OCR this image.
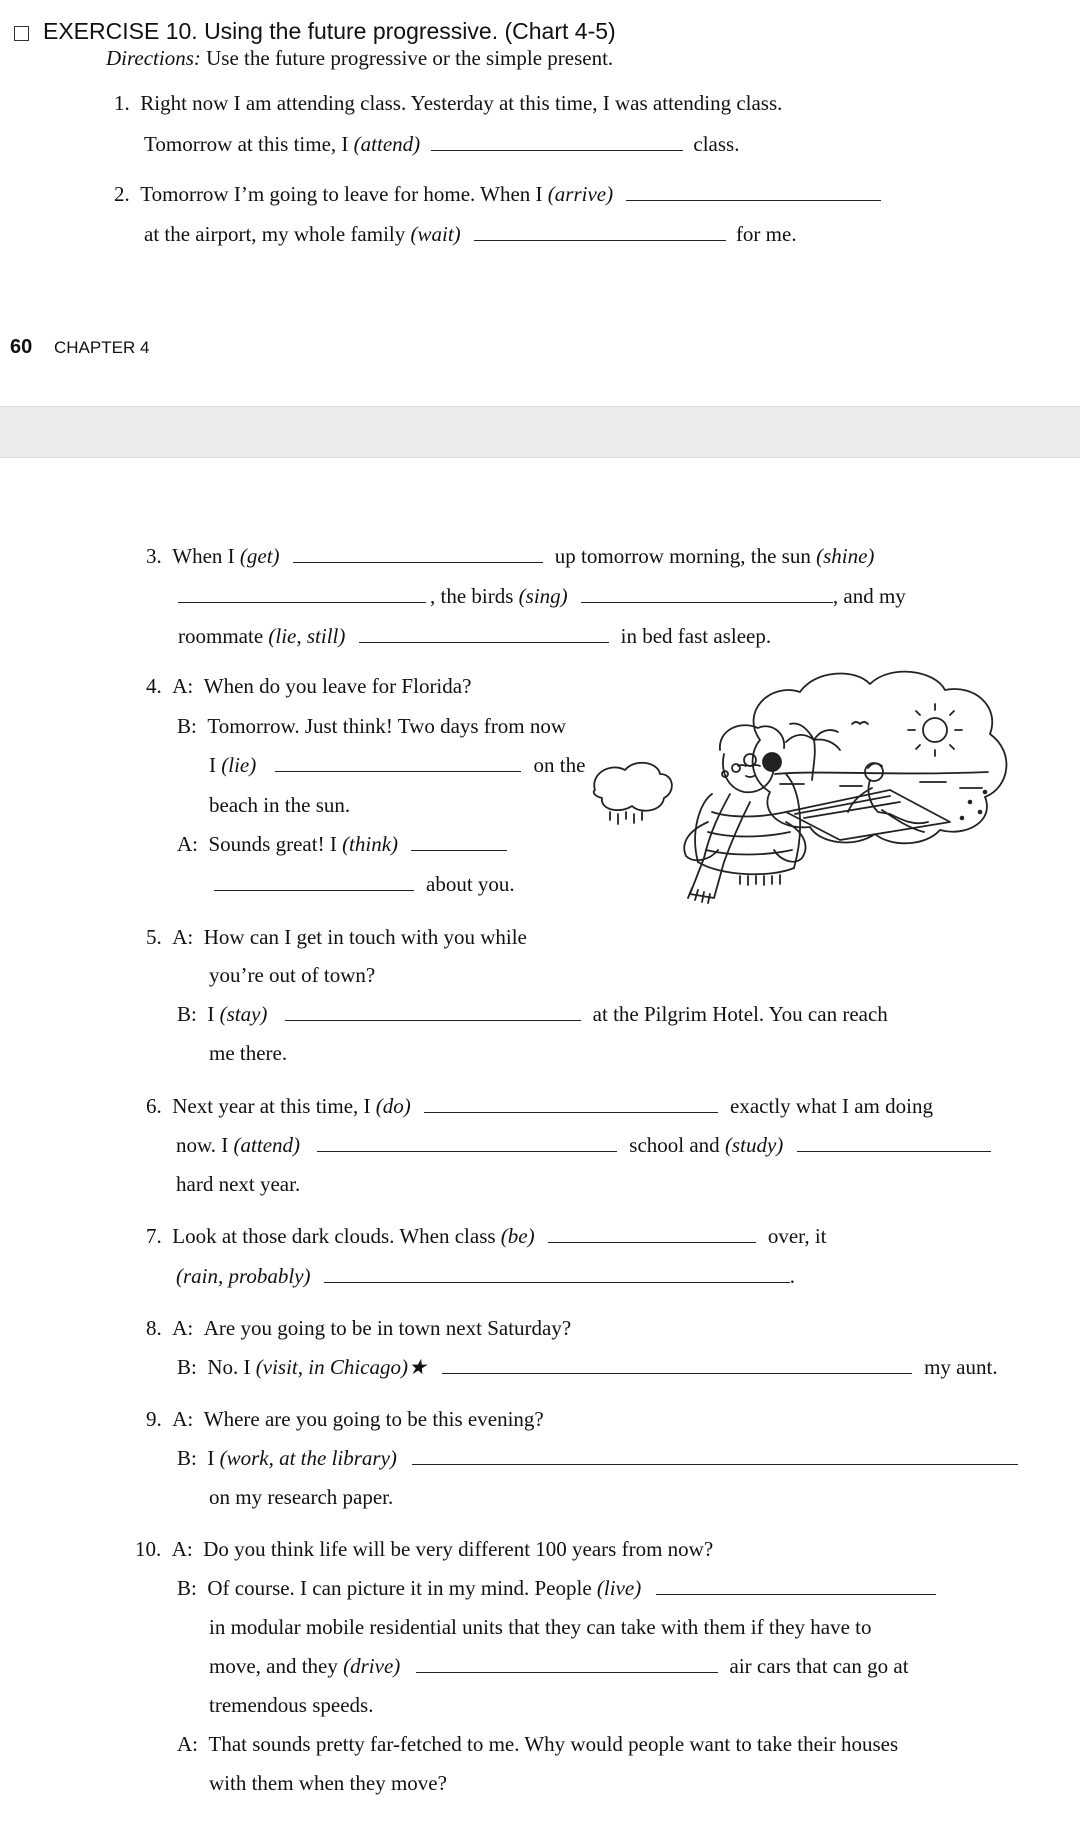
EXERCISE 10. Using the future progressive. (Chart 4-5)
Directions: Use the future progressive or the simple present.
1. Right now I am attending class. Yesterday at this time, I was attending class.
Tomorrow at this time, I (attend)	class.
2. Tomorrow I’m going to leave for home. When I (arrive)
at the airport, my whole family (wait)	for me.
60 CHAPTER 4
3. When I (get)	up tomorrow morning, the sun (shine)
, the birds (sing)	, and my
roommate (lie, still)	in bed fast asleep.
4. A: When do you leave for Florida?
B: Tomorrow. Just think! Two days from now
I (lie)	on the
beach in the sun.
A: Sounds great! I (think)
about you.
5. A: How can I get in touch with you while
you’re out of town?
B: I (stay)	at the Pilgrim Hotel. You can reach
me there.
6. Next year at this time, I (do)	exactly what I am doing
now. I (attend)	school and (study)
hard next year.
7. Look at those dark clouds. When class (be)	over, it
(rain, probably)	.
8. A: Are you going to be in town next Saturday?
B: No. I (visit, in Chicago)★	my aunt.
9. A: Where are you going to be this evening?
B: I (work, at the library)
on my research paper.
10. A: Do you think life will be very different 100 years from now?
B: Of course. I can picture it in my mind. People (live)
in modular mobile residential units that they can take with them if they have to
move, and they (drive)	air cars that can go at
tremendous speeds.
A: That sounds pretty far-fetched to me. Why would people want to take their houses
with them when they move?
